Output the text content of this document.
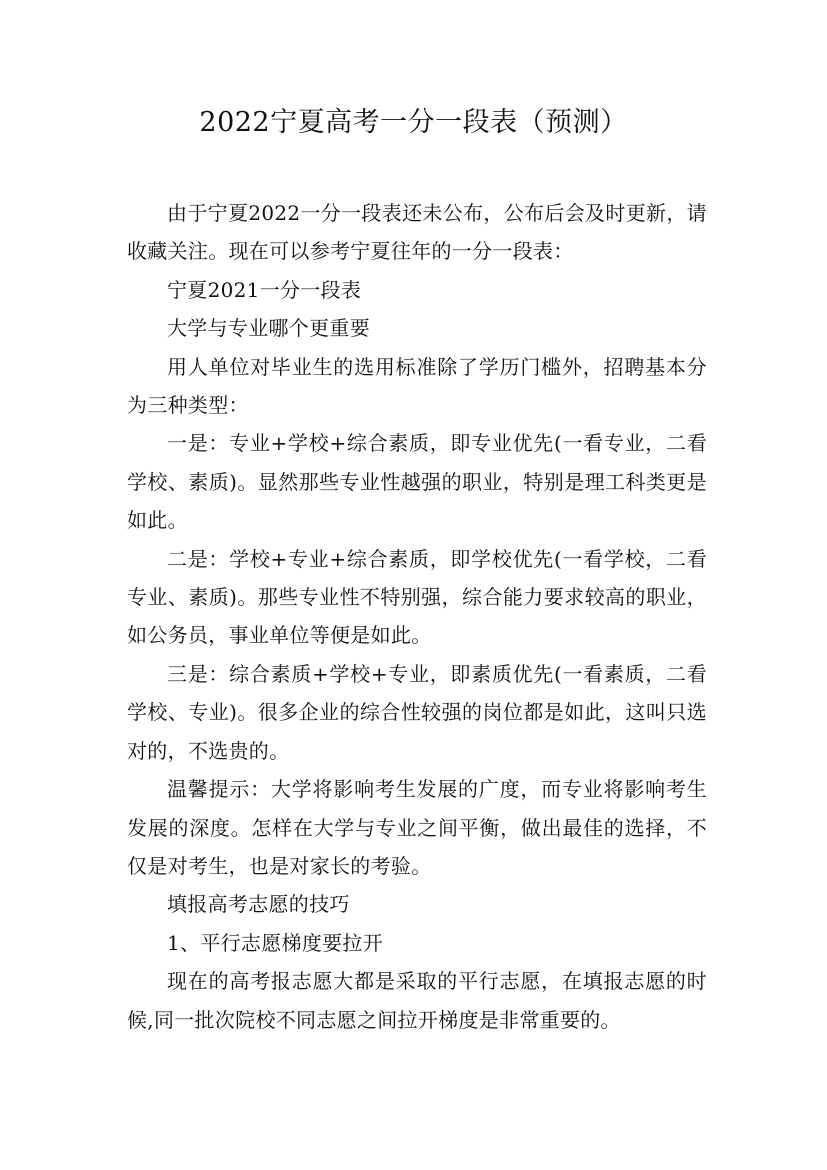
2022宁夏高考一分一段表（预测）

由于宁夏2022一分一段表还未公布，公布后会及时更新，请收藏关注。现在可以参考宁夏往年的一分一段表：

宁夏2021一分一段表

大学与专业哪个更重要

用人单位对毕业生的选用标准除了学历门槛外，招聘基本分为三种类型：

一是：专业+学校+综合素质，即专业优先(一看专业，二看学校、素质)。显然那些专业性越强的职业，特别是理工科类更是如此。

二是：学校+专业+综合素质，即学校优先(一看学校，二看专业、素质)。那些专业性不特别强，综合能力要求较高的职业，如公务员，事业单位等便是如此。

三是：综合素质+学校+专业，即素质优先(一看素质，二看学校、专业)。很多企业的综合性较强的岗位都是如此，这叫只选对的，不选贵的。

温馨提示：大学将影响考生发展的广度，而专业将影响考生发展的深度。怎样在大学与专业之间平衡，做出最佳的选择，不仅是对考生，也是对家长的考验。

填报高考志愿的技巧

1、平行志愿梯度要拉开

现在的高考报志愿大都是采取的平行志愿，在填报志愿的时候,同一批次院校不同志愿之间拉开梯度是非常重要的。
